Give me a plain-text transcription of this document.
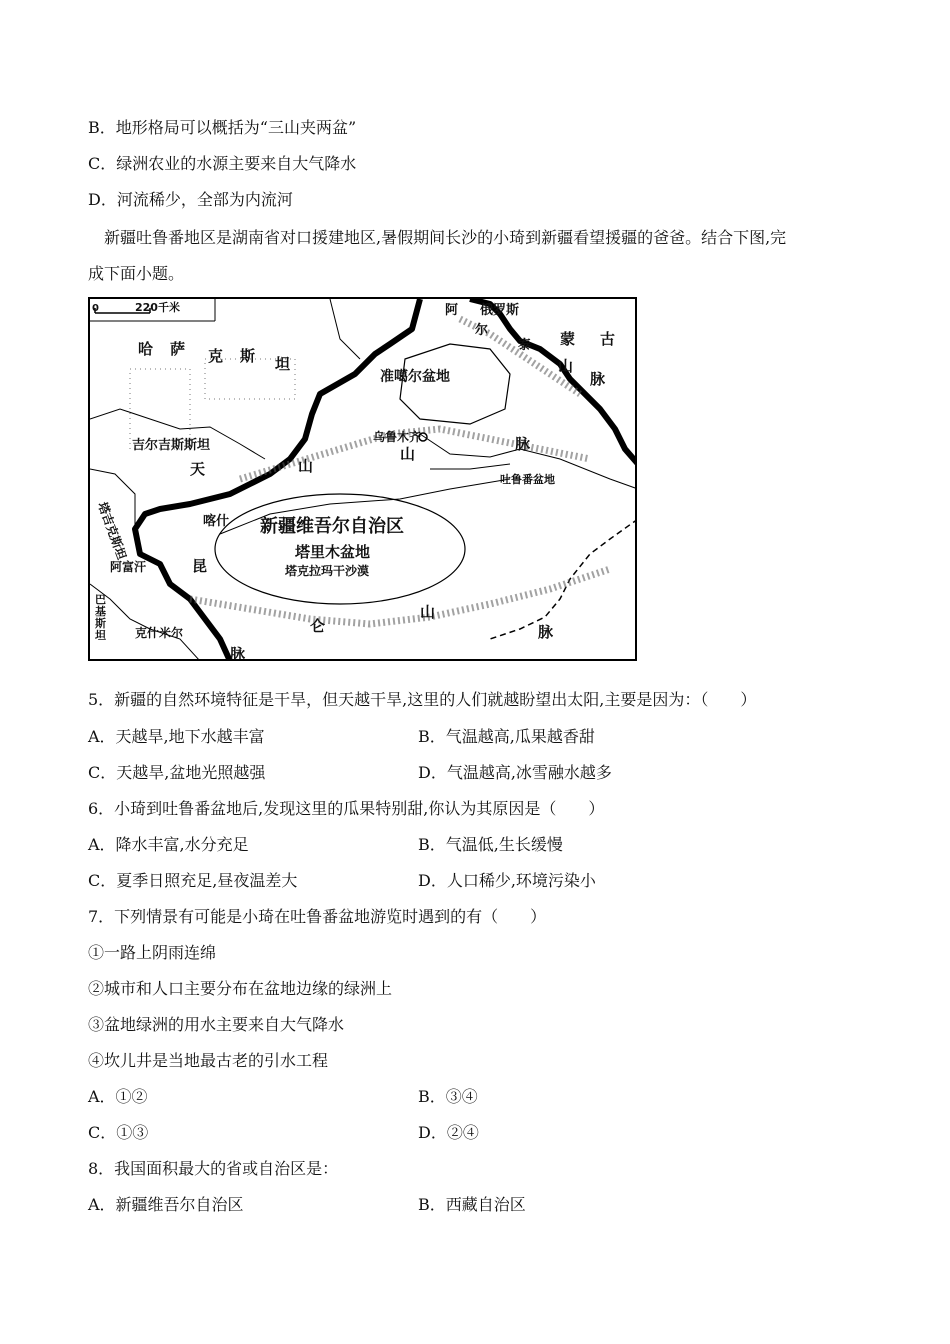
B．地形格局可以概括为“三山夹两盆”
C．绿洲农业的水源主要来自大气降水
D．河流稀少，全部为内流河
新疆吐鲁番地区是湖南省对口援建地区,暑假期间长沙的小琦到新疆看望援疆的爸爸。结合下图,完
成下面小题。
0	220千米
哈 萨 克 斯 坦
俄罗斯
阿
尔
泰 蒙 古
山
脉
准噶尔盆地
乌鲁木齐
吉尔吉斯斯坦
天	山
山
脉
吐鲁番盆地
塔吉克斯坦	喀什 新疆维吾尔自治区
塔里木盆地
塔克拉玛干沙漠
阿富汗
巴
基
斯
坦 克什米尔
昆
仑
山
脉
脉
5．新疆的自然环境特征是干旱，但天越干旱,这里的人们就越盼望出太阳,主要是因为：（　　）
A．天越旱,地下水越丰富	B．气温越高,瓜果越香甜
C．天越旱,盆地光照越强	D．气温越高,冰雪融水越多
6．小琦到吐鲁番盆地后,发现这里的瓜果特别甜,你认为其原因是（　　）
A．降水丰富,水分充足	B．气温低,生长缓慢
C．夏季日照充足,昼夜温差大	D．人口稀少,环境污染小
7．下列情景有可能是小琦在吐鲁番盆地游览时遇到的有（　　）
①一路上阴雨连绵
②城市和人口主要分布在盆地边缘的绿洲上
③盆地绿洲的用水主要来自大气降水
④坎儿井是当地最古老的引水工程
A．①②	B．③④
C．①③	D．②④
8．我国面积最大的省或自治区是：
A．新疆维吾尔自治区	B．西藏自治区
